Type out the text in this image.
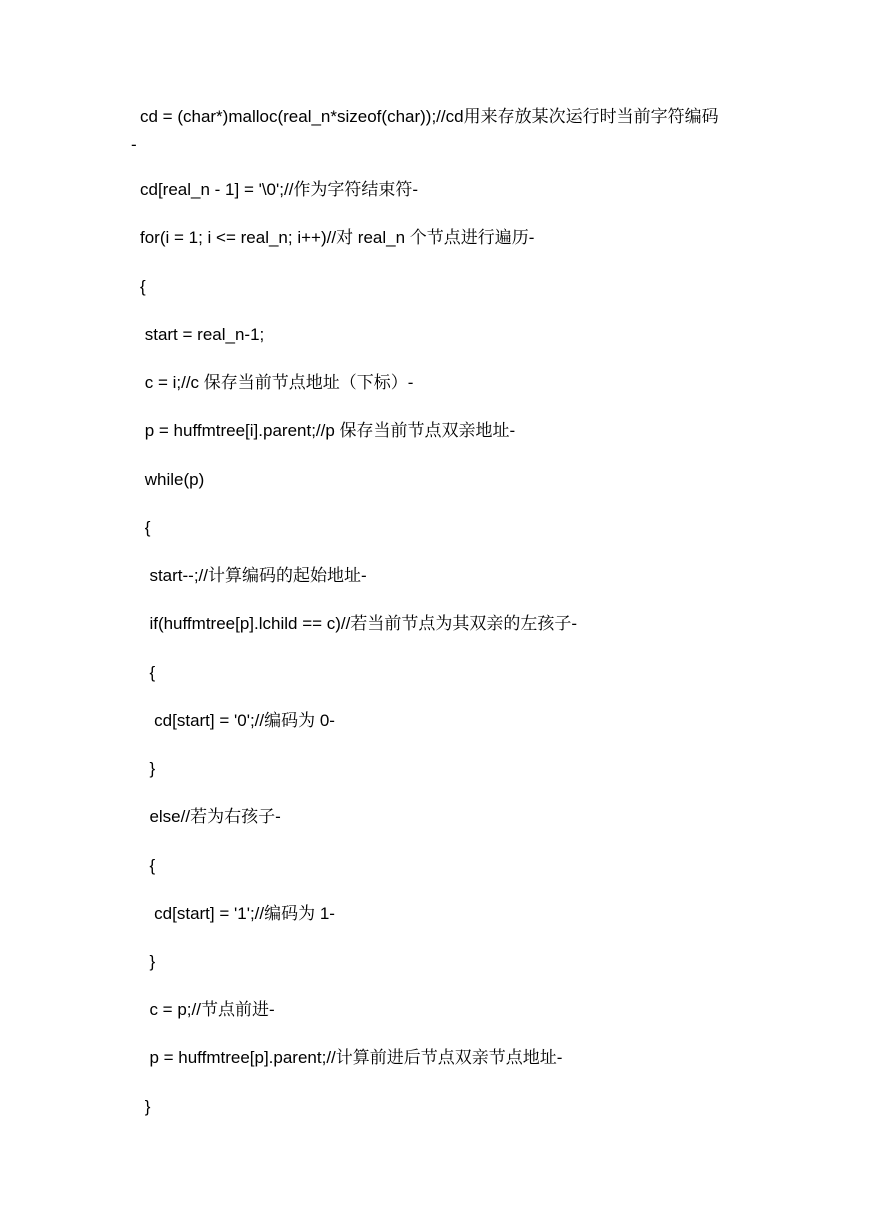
cd = (char*)malloc(real_n*sizeof(char));//cd用来存放某次运行时当前字符编码
-
cd[real_n - 1] = '\0';//作为字符结束符-
for(i = 1; i <= real_n; i++)//对 real_n 个节点进行遍历-
{
start = real_n-1;
c = i;//c 保存当前节点地址（下标）-
p = huffmtree[i].parent;//p 保存当前节点双亲地址-
while(p)
{
start--;//计算编码的起始地址-
if(huffmtree[p].lchild == c)//若当前节点为其双亲的左孩子-
{
cd[start] = '0';//编码为 0-
}
else//若为右孩子-
{
cd[start] = '1';//编码为 1-
}
c = p;//节点前进-
p = huffmtree[p].parent;//计算前进后节点双亲节点地址-
}
